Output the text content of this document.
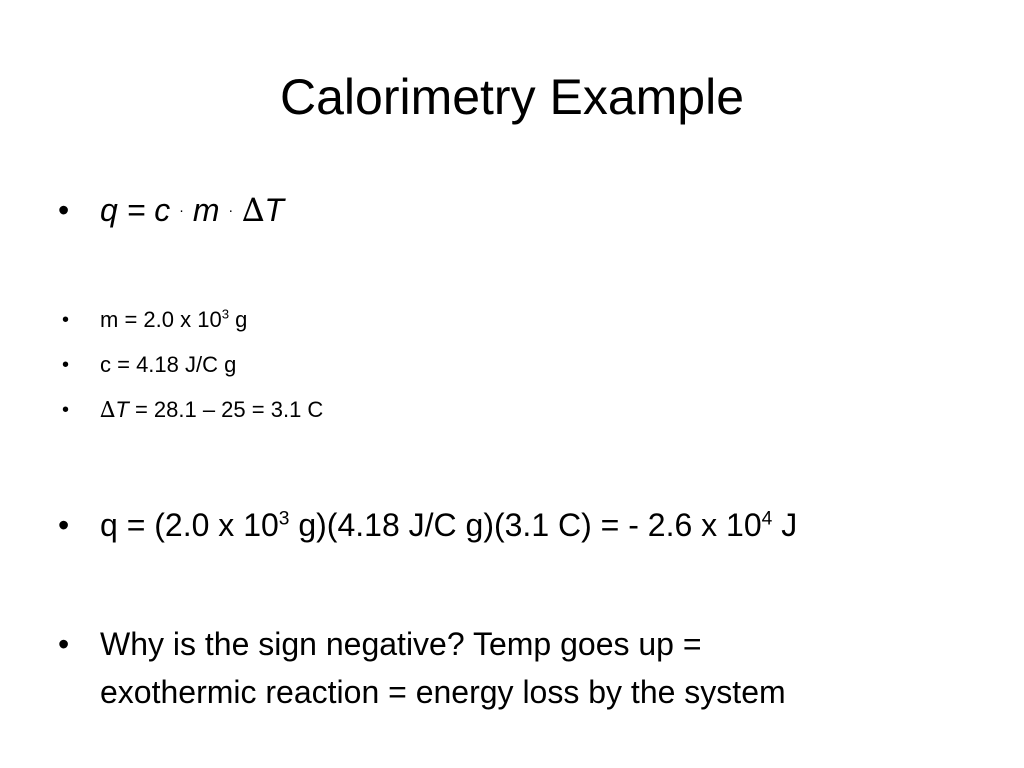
Calorimetry Example
• q = c · m · ∆T
• m = 2.0 x $10^3$ g
• c = 4.18 J/C g
• ∆T = 28.1 – 25 = 3.1 C
• q = (2.0 x $10^3$ g)(4.18 J/C g)(3.1 C) = - 2.6 x $10^4$ J
• Why is the sign negative? Temp goes up =
exothermic reaction = energy loss by the system
